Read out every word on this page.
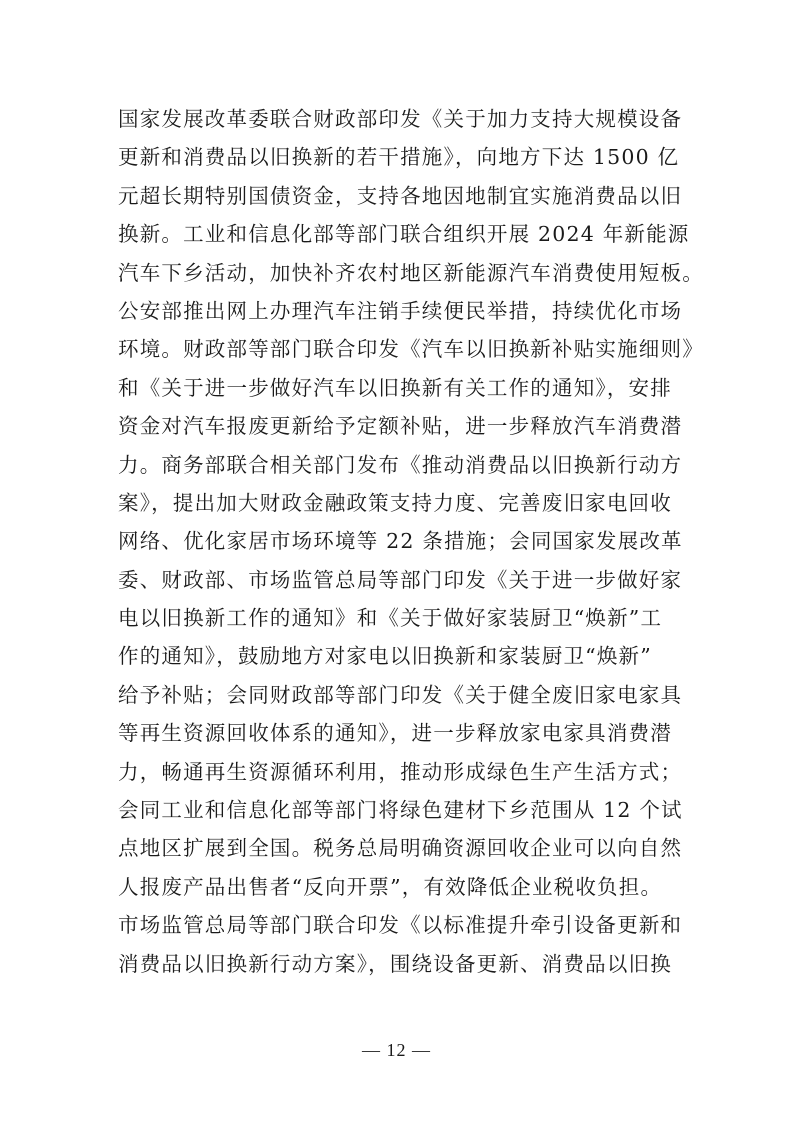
国家发展改革委联合财政部印发《关于加力支持大规模设备
更新和消费品以旧换新的若干措施》，向地方下达 1500 亿
元超长期特别国债资金，支持各地因地制宜实施消费品以旧
换新。工业和信息化部等部门联合组织开展 2024 年新能源
汽车下乡活动，加快补齐农村地区新能源汽车消费使用短板。
公安部推出网上办理汽车注销手续便民举措，持续优化市场
环境。财政部等部门联合印发《汽车以旧换新补贴实施细则》
和《关于进一步做好汽车以旧换新有关工作的通知》，安排
资金对汽车报废更新给予定额补贴，进一步释放汽车消费潜
力。商务部联合相关部门发布《推动消费品以旧换新行动方
案》，提出加大财政金融政策支持力度、完善废旧家电回收
网络、优化家居市场环境等 22 条措施；会同国家发展改革
委、财政部、市场监管总局等部门印发《关于进一步做好家
电以旧换新工作的通知》和《关于做好家装厨卫“焕新”工
作的通知》，鼓励地方对家电以旧换新和家装厨卫“焕新”
给予补贴；会同财政部等部门印发《关于健全废旧家电家具
等再生资源回收体系的通知》，进一步释放家电家具消费潜
力，畅通再生资源循环利用，推动形成绿色生产生活方式；
会同工业和信息化部等部门将绿色建材下乡范围从 12 个试
点地区扩展到全国。税务总局明确资源回收企业可以向自然
人报废产品出售者“反向开票”，有效降低企业税收负担。
市场监管总局等部门联合印发《以标准提升牵引设备更新和
消费品以旧换新行动方案》，围绕设备更新、消费品以旧换
— 12 —
